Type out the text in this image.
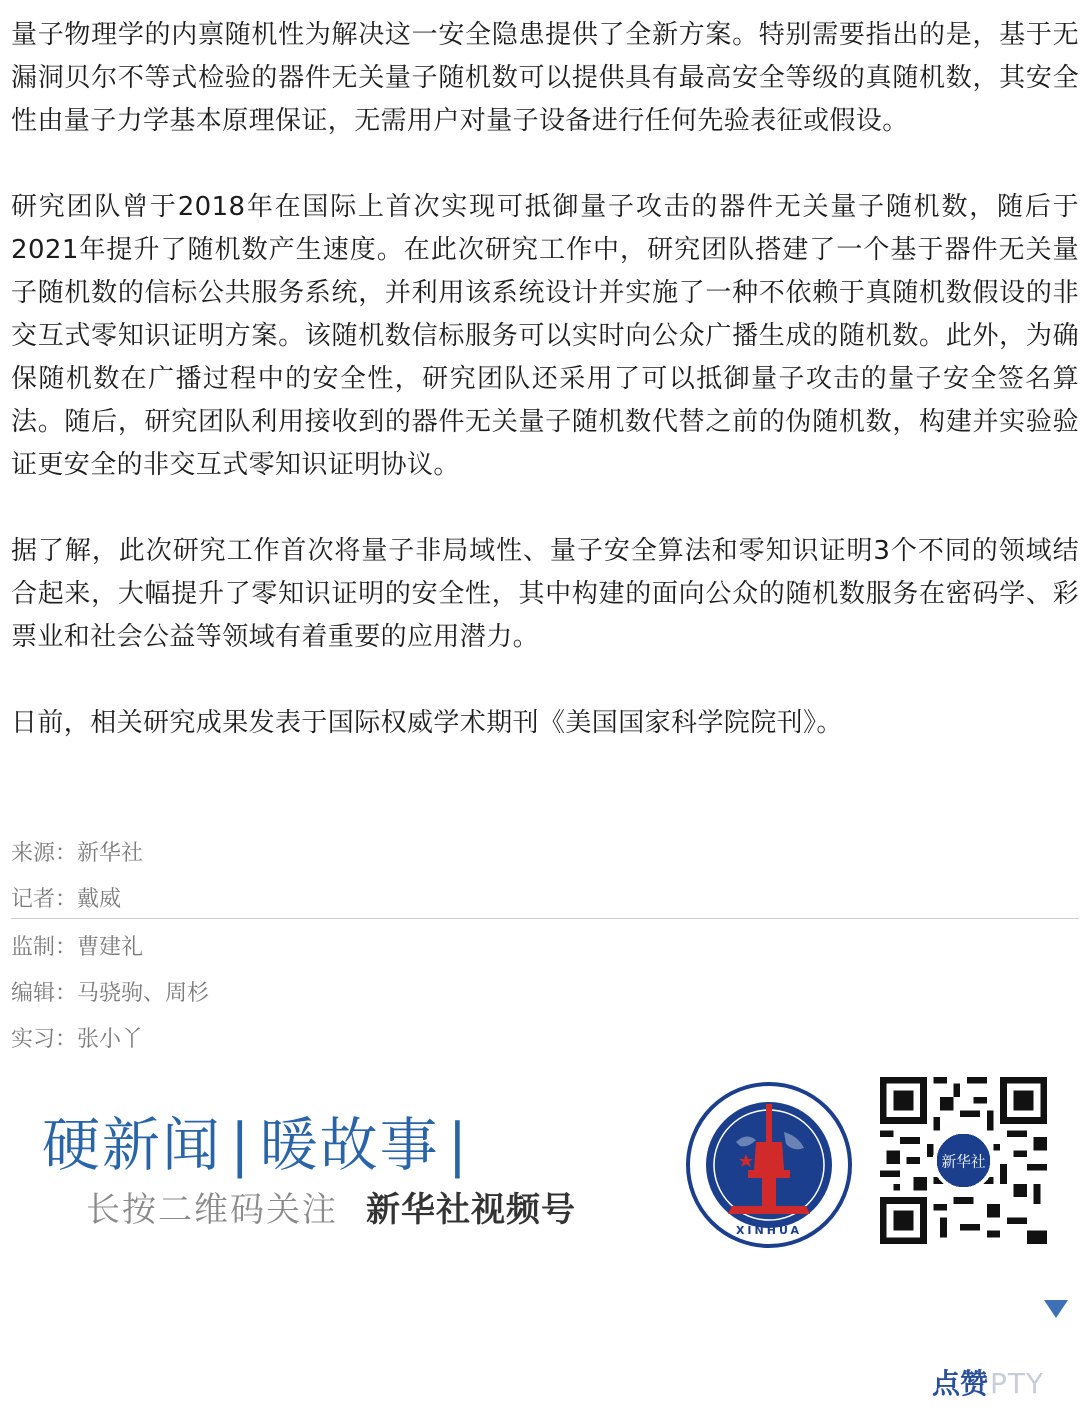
量子物理学的内禀随机性为解决这一安全隐患提供了全新方案。特别需要指出的是，基于无漏洞贝尔不等式检验的器件无关量子随机数可以提供具有最高安全等级的真随机数，其安全性由量子力学基本原理保证，无需用户对量子设备进行任何先验表征或假设。

研究团队曾于2018年在国际上首次实现可抵御量子攻击的器件无关量子随机数，随后于2021年提升了随机数产生速度。在此次研究工作中，研究团队搭建了一个基于器件无关量子随机数的信标公共服务系统，并利用该系统设计并实施了一种不依赖于真随机数假设的非交互式零知识证明方案。该随机数信标服务可以实时向公众广播生成的随机数。此外，为确保随机数在广播过程中的安全性，研究团队还采用了可以抵御量子攻击的量子安全签名算法。随后，研究团队利用接收到的器件无关量子随机数代替之前的伪随机数，构建并实验验证更安全的非交互式零知识证明协议。

据了解，此次研究工作首次将量子非局域性、量子安全算法和零知识证明3个不同的领域结合起来，大幅提升了零知识证明的安全性，其中构建的面向公众的随机数服务在密码学、彩票业和社会公益等领域有着重要的应用潜力。

日前，相关研究成果发表于国际权威学术期刊《美国国家科学院院刊》。

来源：新华社
记者：戴威
监制：曹建礼
编辑：马骁驹、周杉
实习：张小丫
硬新闻 | 暖故事 |
长按二维码关注 新华社视频号
XINHUA
新华社
点赞PTY
